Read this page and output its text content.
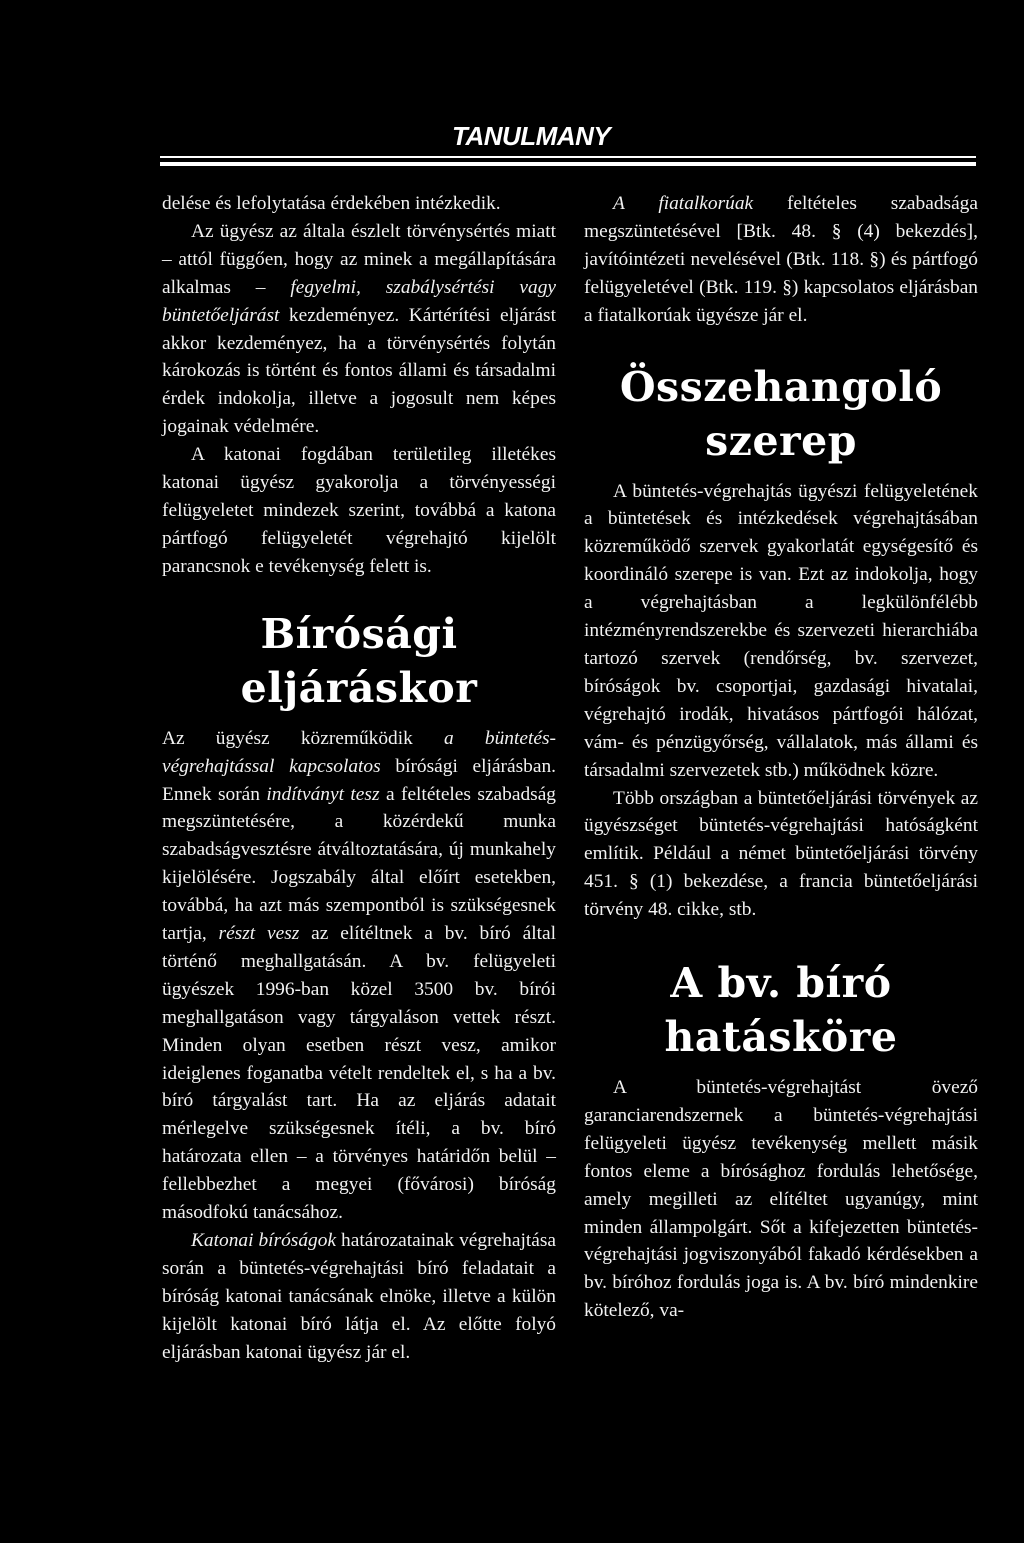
TANULMANY

delése és lefolytatása érdekében intézkedik.

Az ügyész az általa észlelt törvénysértés miatt – attól függően, hogy az minek a megállapítására alkalmas – fegyelmi, szabálysértési vagy büntetőeljárást kezdeményez. Kártérítési eljárást akkor kezdeményez, ha a törvénysértés folytán károkozás is történt és fontos állami és társadalmi érdek indokolja, illetve a jogosult nem képes jogainak védelmére.

A katonai fogdában területileg illetékes katonai ügyész gyakorolja a törvényességi felügyeletet mindezek szerint, továbbá a katona pártfogó felügyeletét végrehajtó kijelölt parancsnok e tevékenység felett is.

Bírósági eljáráskor

Az ügyész közreműködik a büntetés-végrehajtással kapcsolatos bírósági eljárásban. Ennek során indítványt tesz a feltételes szabadság megszüntetésére, a közérdekű munka szabadságvesztésre átváltoztatására, új munkahely kijelölésére. Jogszabály által előírt esetekben, továbbá, ha azt más szempontból is szükségesnek tartja, részt vesz az elítéltnek a bv. bíró által történő meghallgatásán. A bv. felügyeleti ügyészek 1996-ban közel 3500 bv. bírói meghallgatáson vagy tárgyaláson vettek részt. Minden olyan esetben részt vesz, amikor ideiglenes foganatba vételt rendeltek el, s ha a bv. bíró tárgyalást tart. Ha az eljárás adatait mérlegelve szükségesnek ítéli, a bv. bíró határozata ellen – a törvényes határidőn belül – fellebbezhet a megyei (fővárosi) bíróság másodfokú tanácsához.

Katonai bíróságok határozatainak végrehajtása során a büntetés-végrehajtási bíró feladatait a bíróság katonai tanácsának elnöke, illetve a külön kijelölt katonai bíró látja el. Az előtte folyó eljárásban katonai ügyész jár el.

A fiatalkorúak feltételes szabadsága megszüntetésével [Btk. 48. § (4) bekezdés], javítóintézeti nevelésével (Btk. 118. §) és pártfogó felügyeletével (Btk. 119. §) kapcsolatos eljárásban a fiatalkorúak ügyésze jár el.

Összehangoló szerep

A büntetés-végrehajtás ügyészi felügyeletének a büntetések és intézkedések végrehajtásában közreműködő szervek gyakorlatát egységesítő és koordináló szerepe is van. Ezt az indokolja, hogy a végrehajtásban a legkülönfélébb intézményrendszerekbe és szervezeti hierarchiába tartozó szervek (rendőrség, bv. szervezet, bíróságok bv. csoportjai, gazdasági hivatalai, végrehajtó irodák, hivatásos pártfogói hálózat, vám- és pénzügyőrség, vállalatok, más állami és társadalmi szervezetek stb.) működnek közre.

Több országban a büntetőeljárási törvények az ügyészséget büntetés-végrehajtási hatóságként említik. Például a német büntetőeljárási törvény 451. § (1) bekezdése, a francia büntetőeljárási törvény 48. cikke, stb.

A bv. bíró hatásköre

A büntetés-végrehajtást övező garanciarendszernek a büntetés-végrehajtási felügyeleti ügyész tevékenység mellett másik fontos eleme a bírósághoz fordulás lehetősége, amely megilleti az elítéltet ugyanúgy, mint minden állampolgárt. Sőt a kifejezetten büntetés-végrehajtási jogviszonyából fakadó kérdésekben a bv. bíróhoz fordulás joga is. A bv. bíró mindenkire kötelező, va-
